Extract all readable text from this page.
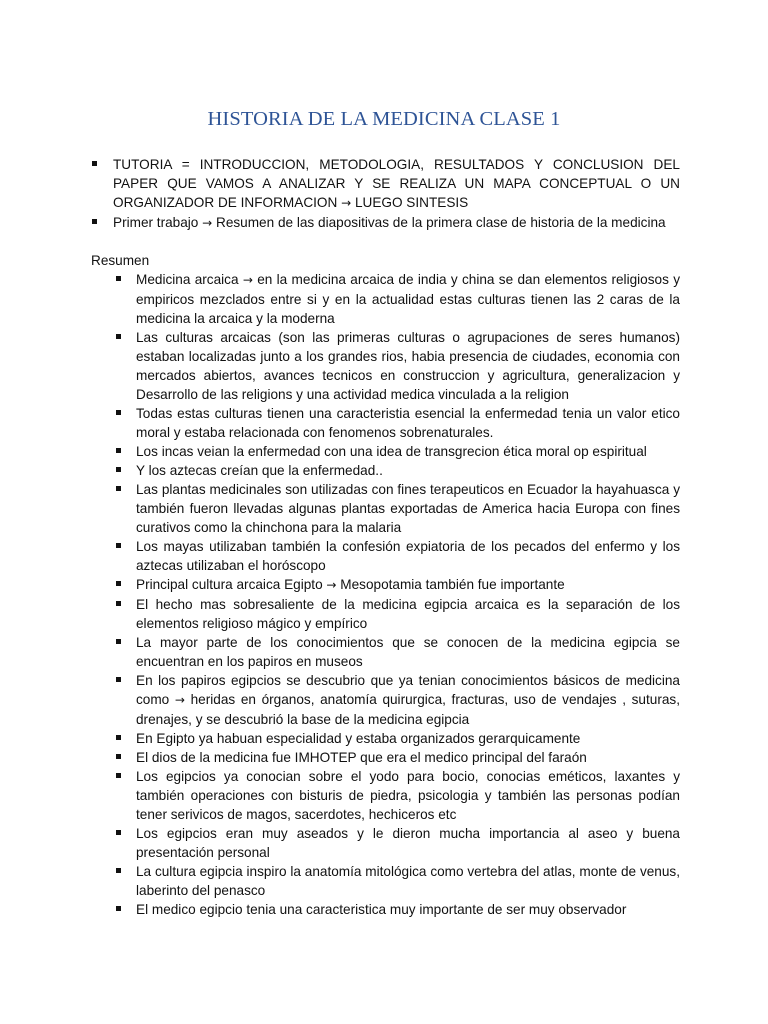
HISTORIA DE LA MEDICINA CLASE 1
TUTORIA = INTRODUCCION, METODOLOGIA, RESULTADOS Y CONCLUSION DEL PAPER QUE VAMOS A ANALIZAR Y SE REALIZA UN MAPA CONCEPTUAL O UN ORGANIZADOR DE INFORMACION → LUEGO SINTESIS
Primer trabajo → Resumen de las diapositivas de la primera clase de historia de la medicina
Resumen
Medicina arcaica → en la medicina arcaica de india y china se dan elementos religiosos y empiricos mezclados entre si y en la actualidad estas culturas tienen las 2 caras de la medicina la arcaica y la moderna
Las culturas arcaicas (son las primeras culturas o agrupaciones de seres humanos) estaban localizadas junto a los grandes rios, habia presencia de ciudades, economia con mercados abiertos, avances tecnicos en construccion y agricultura, generalizacion y Desarrollo de las religions y una actividad medica vinculada a la religion
Todas estas culturas tienen una caracteristia esencial la enfermedad tenia un valor etico moral y estaba relacionada con fenomenos sobrenaturales.
Los incas veian la enfermedad con una idea de transgrecion ética moral op espiritual
Y los aztecas creían que la enfermedad..
Las plantas medicinales son utilizadas con fines terapeuticos en Ecuador la hayahuasca y también fueron llevadas algunas plantas exportadas de America hacia Europa con fines curativos como la chinchona para la malaria
Los mayas utilizaban también la confesión expiatoria de los pecados del enfermo y los aztecas utilizaban el horóscopo
Principal cultura arcaica Egipto → Mesopotamia también fue importante
El hecho mas sobresaliente de la medicina egipcia arcaica es la separación de los elementos religioso mágico y empírico
La mayor parte de los conocimientos que se conocen de la medicina egipcia se encuentran en los papiros en museos
En los papiros egipcios se descubrio que ya tenian conocimientos básicos de medicina como → heridas en órganos, anatomía quirurgica, fracturas, uso de vendajes , suturas, drenajes, y se descubrió la base de la medicina egipcia
En Egipto ya habuan especialidad y estaba organizados gerarquicamente
El dios de la medicina fue IMHOTEP que era el medico principal del faraón
Los egipcios ya conocian sobre el yodo para bocio, conocias eméticos, laxantes y también operaciones con bisturis de piedra, psicologia y también las personas podían tener serivicos de magos, sacerdotes, hechiceros etc
Los egipcios eran muy aseados y le dieron mucha importancia al aseo y buena presentación personal
La cultura egipcia inspiro la anatomía mitológica como vertebra del atlas, monte de venus, laberinto del penasco
El medico egipcio tenia una caracteristica muy importante de ser muy observador
